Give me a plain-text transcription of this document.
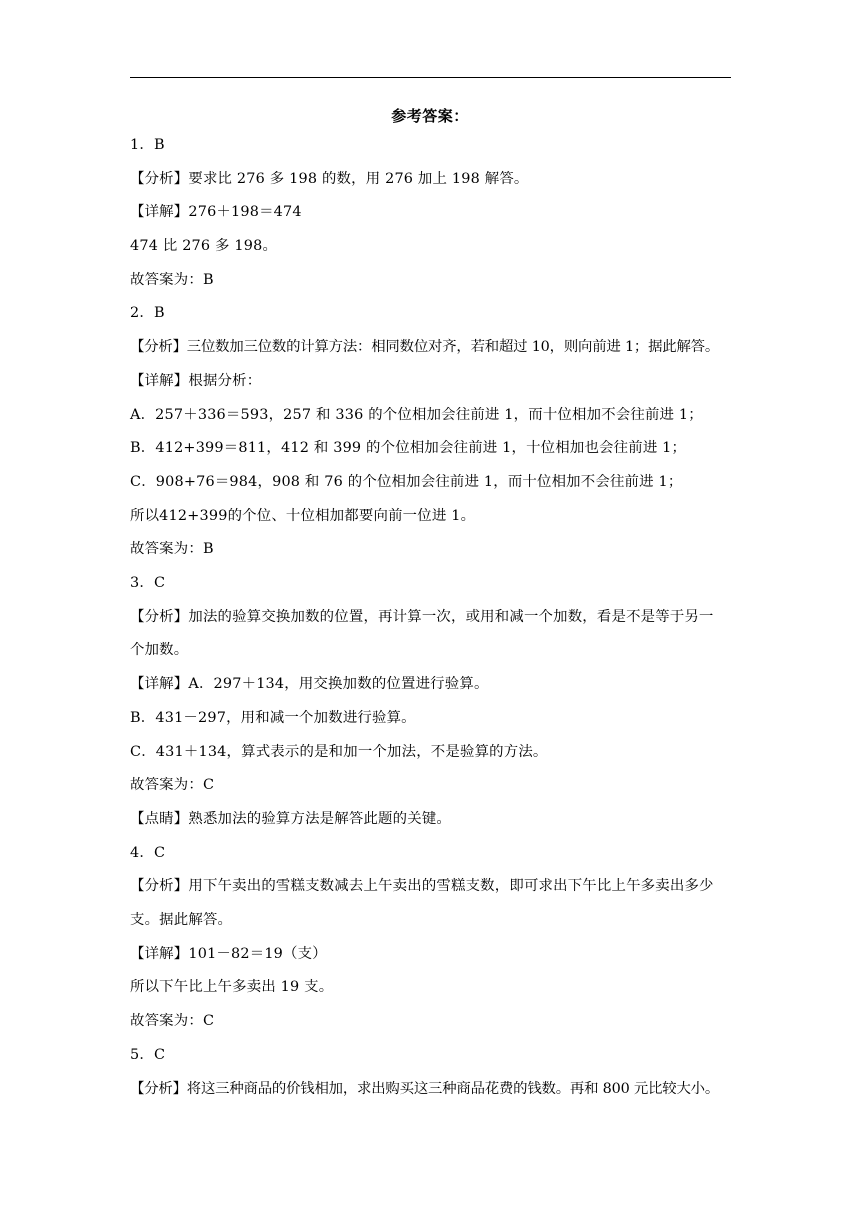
参考答案：
1．B
【分析】要求比 276 多 198 的数，用 276 加上 198 解答。
【详解】276＋198＝474
474 比 276 多 198。
故答案为：B
2．B
【分析】三位数加三位数的计算方法：相同数位对齐，若和超过 10，则向前进 1；据此解答。
【详解】根据分析：
A．257＋336＝593，257 和 336 的个位相加会往前进 1，而十位相加不会往前进 1；
B．412+399＝811，412 和 399 的个位相加会往前进 1，十位相加也会往前进 1；
C．908+76＝984，908 和 76 的个位相加会往前进 1，而十位相加不会往前进 1；
所以412+399的个位、十位相加都要向前一位进 1。
故答案为：B
3．C
【分析】加法的验算交换加数的位置，再计算一次，或用和减一个加数，看是不是等于另一
个加数。
【详解】A．297＋134，用交换加数的位置进行验算。
B．431－297，用和减一个加数进行验算。
C．431＋134，算式表示的是和加一个加法，不是验算的方法。
故答案为：C
【点睛】熟悉加法的验算方法是解答此题的关键。
4．C
【分析】用下午卖出的雪糕支数减去上午卖出的雪糕支数，即可求出下午比上午多卖出多少
支。据此解答。
【详解】101－82＝19（支）
所以下午比上午多卖出 19 支。
故答案为：C
5．C
【分析】将这三种商品的价钱相加，求出购买这三种商品花费的钱数。再和 800 元比较大小。
